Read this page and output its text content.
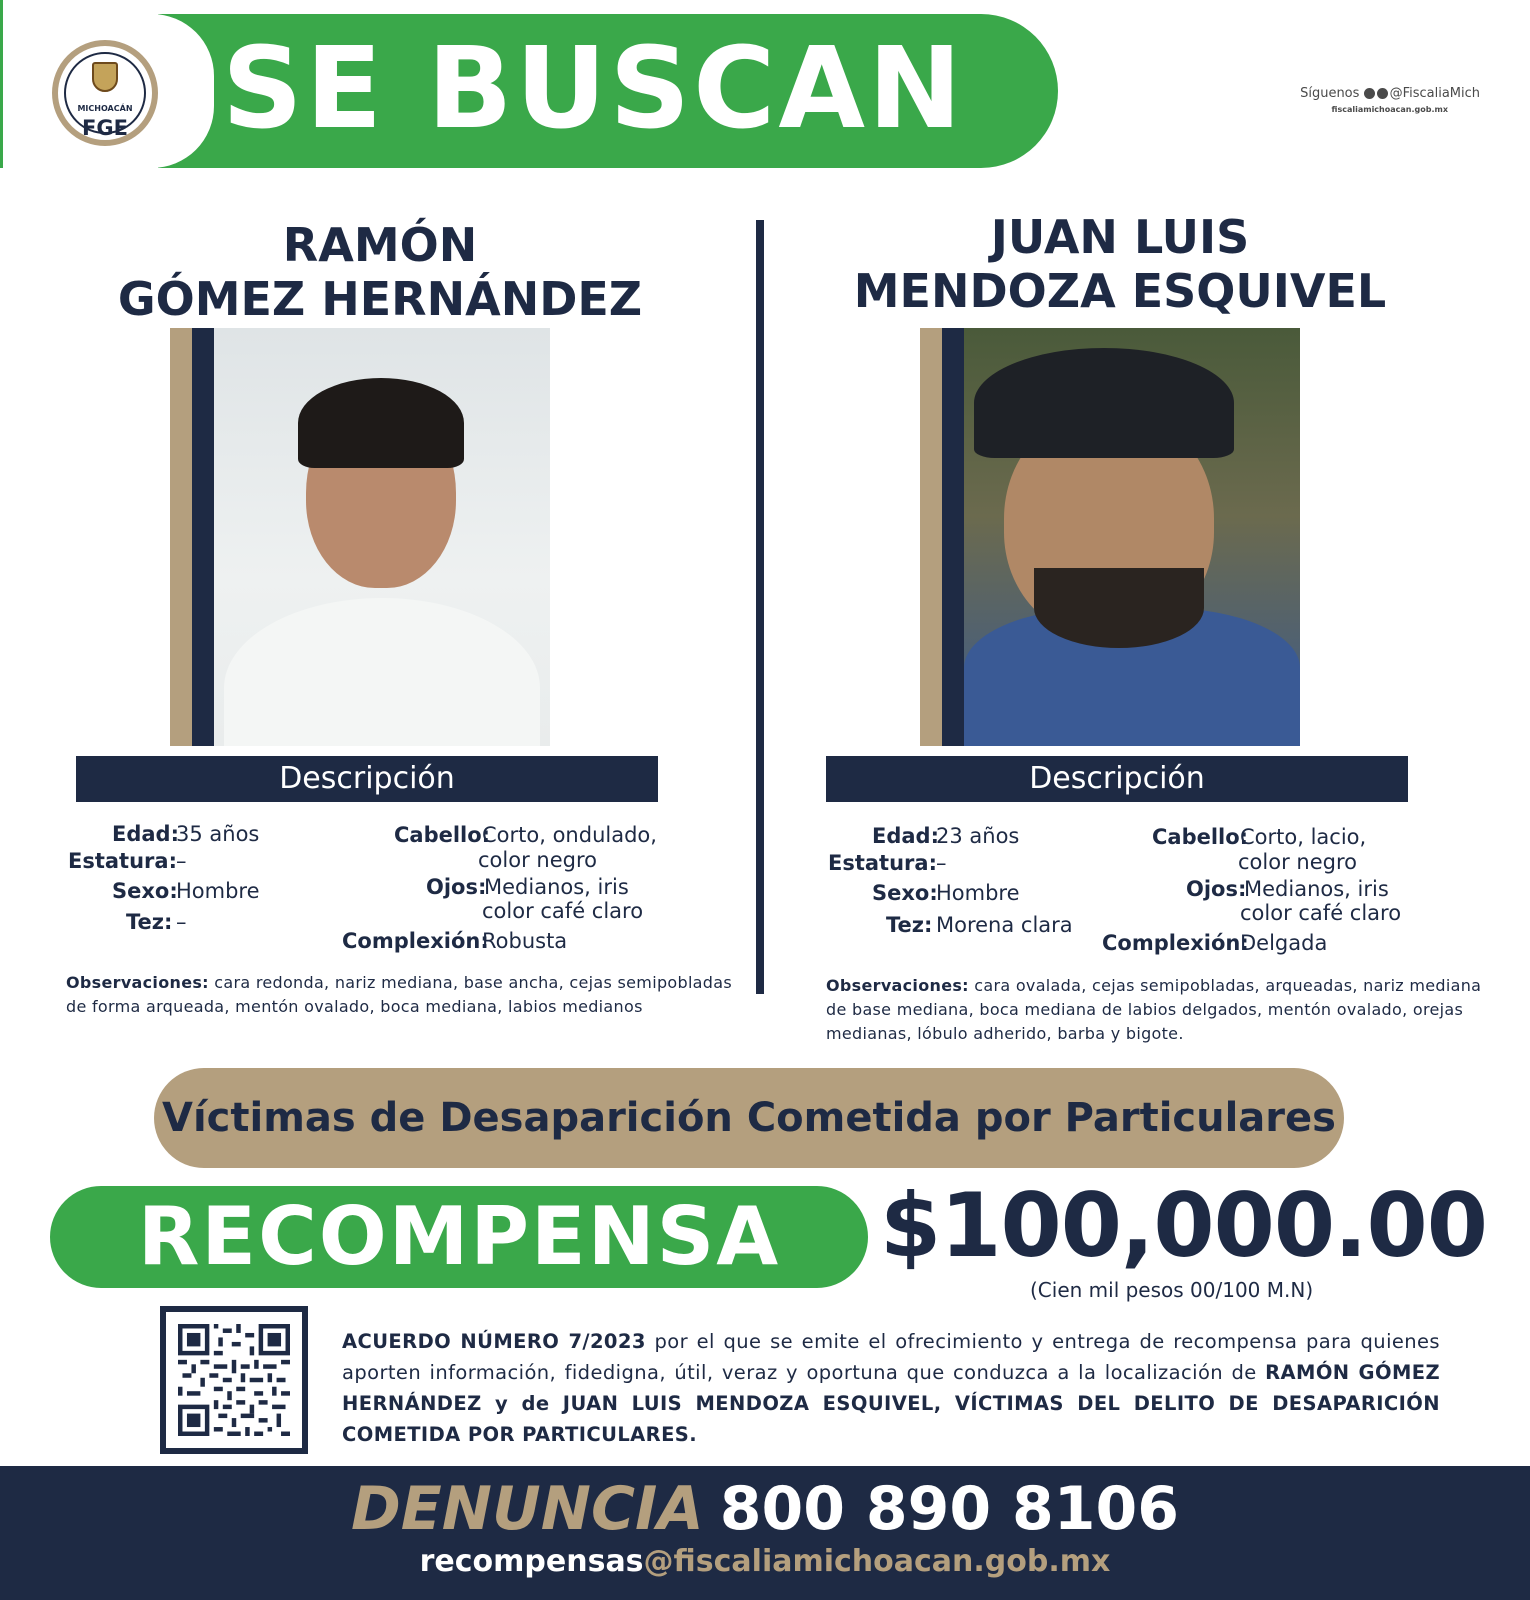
SE BUSCAN
MICHOACÁN
FGE
Síguenos @FiscaliaMich
fiscaliamichoacan.gob.mx
RAMÓN
GÓMEZ HERNÁNDEZ
JUAN LUIS
MENDOZA ESQUIVEL
Descripción	Descripción
Edad:
35 años
Estatura: –
Sexo:
Hombre
Tez: –
Cabello:
Corto, ondulado,
color negro
Ojos:
Medianos, iris
color café claro
Complexión:
Robusta
Observaciones: cara redonda, nariz mediana, base ancha, cejas semipobladas de forma arqueada, mentón ovalado, boca mediana, labios medianos
Edad:
23 años
Estatura: –
Sexo:
Hombre
Tez: Morena clara
Cabello:
Corto, lacio,
color negro
Ojos:
Medianos, iris
color café claro
Complexión:
Delgada
Observaciones: cara ovalada, cejas semipobladas, arqueadas, nariz mediana de base mediana, boca mediana de labios delgados, mentón ovalado, orejas medianas, lóbulo adherido, barba y bigote.
Víctimas de Desaparición Cometida por Particulares
RECOMPENSA	$100,000.00
(Cien mil pesos 00/100 M.N)
ACUERDO NÚMERO 7/2023 por el que se emite el ofrecimiento y entrega de recompensa para quienes aporten información, fidedigna, útil, veraz y oportuna que conduzca a la localización de RAMÓN GÓMEZ HERNÁNDEZ y de JUAN LUIS MENDOZA ESQUIVEL, VÍCTIMAS DEL DELITO DE DESAPARICIÓN COMETIDA POR PARTICULARES.
DENUNCIA 800 890 8106
recompensas@fiscaliamichoacan.gob.mx
